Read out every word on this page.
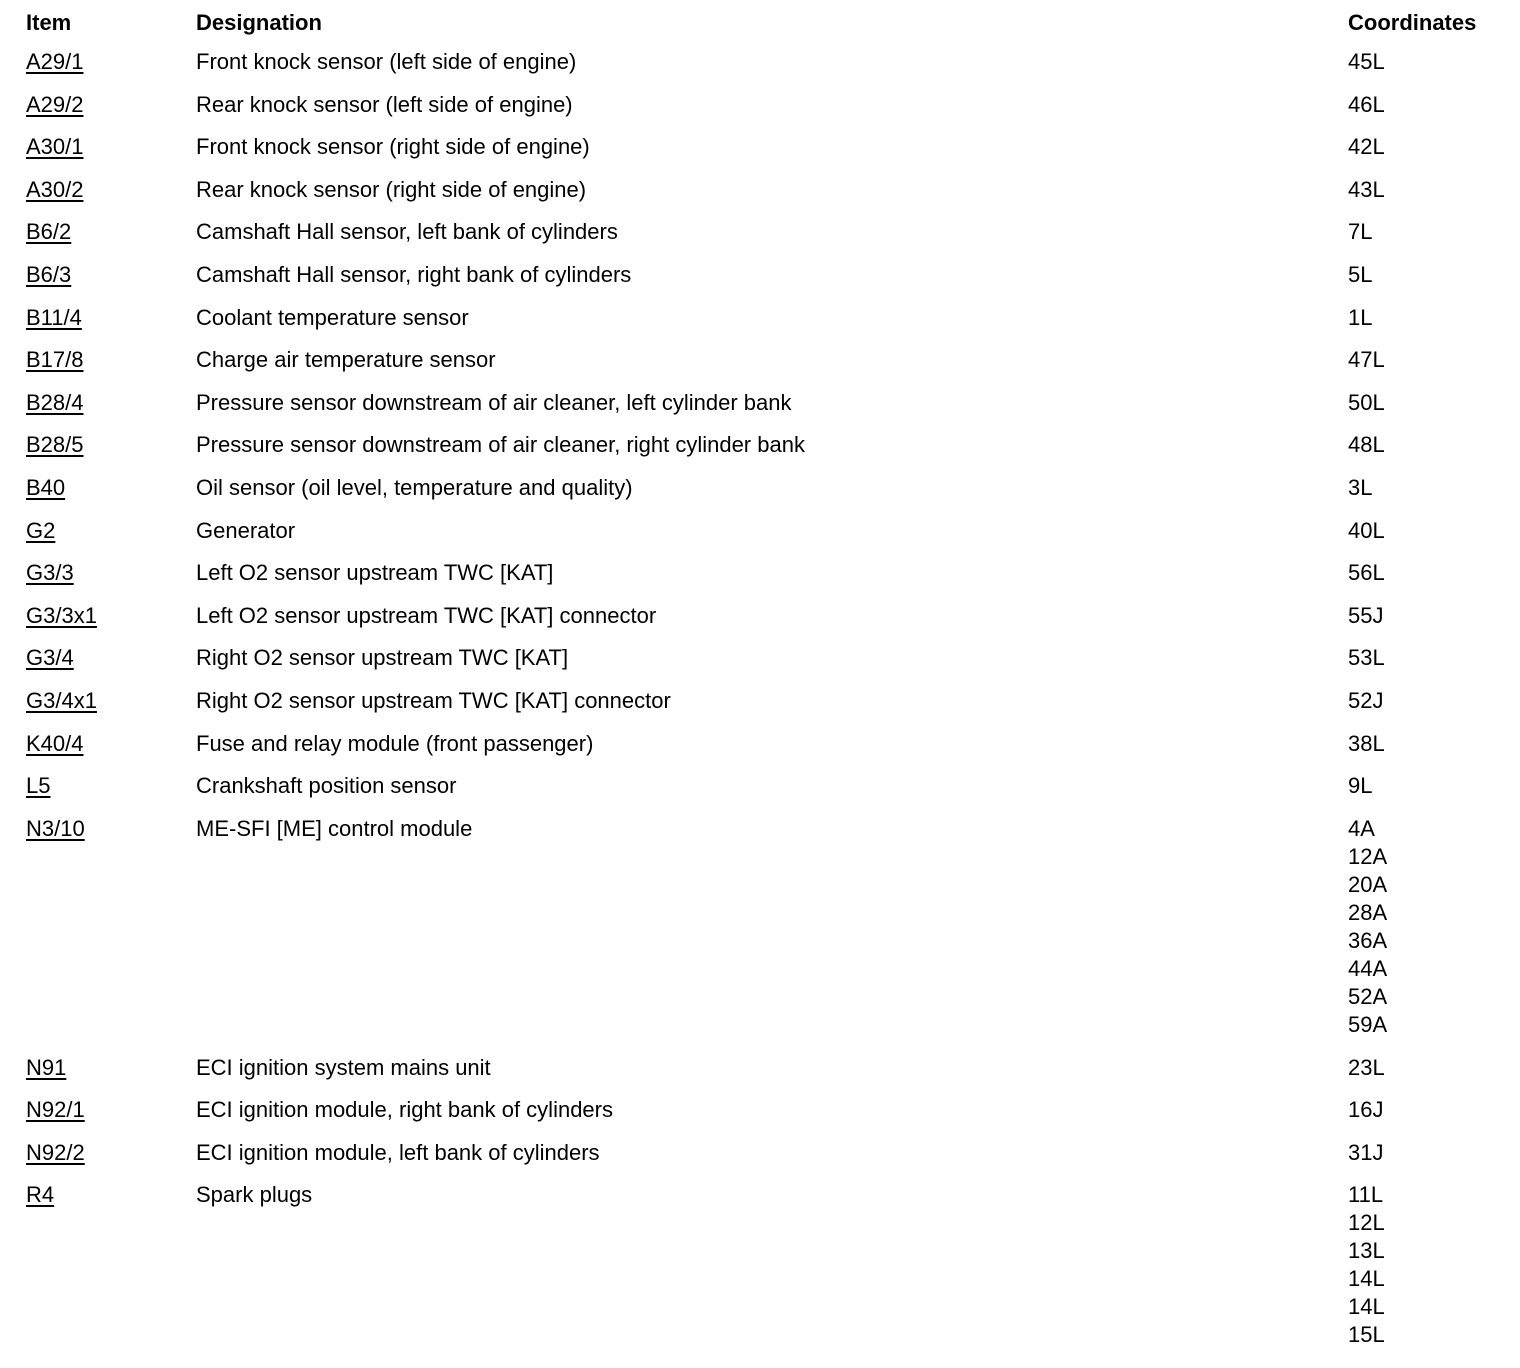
Item	Designation	Coordinates
A29/1	Front knock sensor (left side of engine)	45L
A29/2	Rear knock sensor (left side of engine)	46L
A30/1	Front knock sensor (right side of engine)	42L
A30/2	Rear knock sensor (right side of engine)	43L
B6/2	Camshaft Hall sensor, left bank of cylinders	7L
B6/3	Camshaft Hall sensor, right bank of cylinders	5L
B11/4	Coolant temperature sensor	1L
B17/8	Charge air temperature sensor	47L
B28/4	Pressure sensor downstream of air cleaner, left cylinder bank	50L
B28/5	Pressure sensor downstream of air cleaner, right cylinder bank	48L
B40	Oil sensor (oil level, temperature and quality)	3L
G2	Generator	40L
G3/3	Left O2 sensor upstream TWC [KAT]	56L
G3/3x1	Left O2 sensor upstream TWC [KAT] connector	55J
G3/4	Right O2 sensor upstream TWC [KAT]	53L
G3/4x1	Right O2 sensor upstream TWC [KAT] connector	52J
K40/4	Fuse and relay module (front passenger)	38L
L5	Crankshaft position sensor	9L
N3/10	ME-SFI [ME] control module	4A
12A
20A
28A
36A
44A
52A
59A
N91	ECI ignition system mains unit	23L
N92/1	ECI ignition module, right bank of cylinders	16J
N92/2	ECI ignition module, left bank of cylinders	31J
R4	Spark plugs	11L
12L
13L
14L
14L
15L
